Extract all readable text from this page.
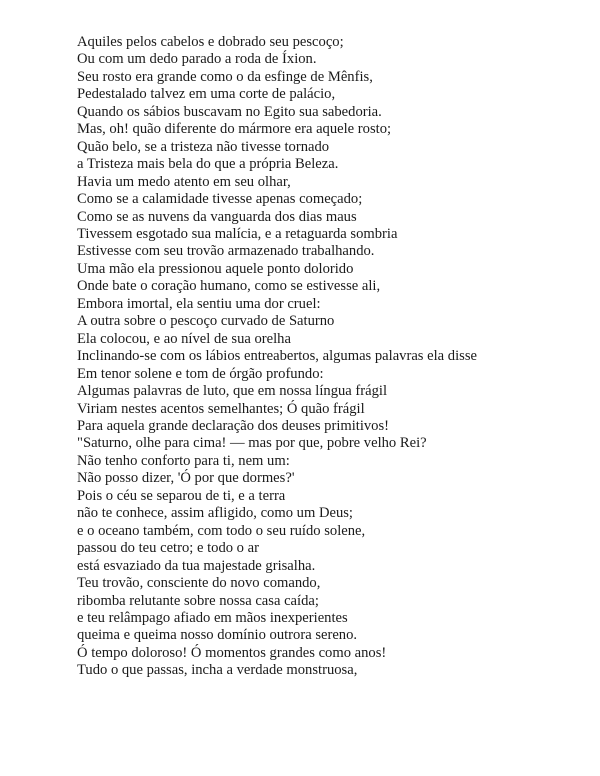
Aquiles pelos cabelos e dobrado seu pescoço;
Ou com um dedo parado a roda de Íxion.
Seu rosto era grande como o da esfinge de Mênfis,
Pedestalado talvez em uma corte de palácio,
Quando os sábios buscavam no Egito sua sabedoria.
Mas, oh! quão diferente do mármore era aquele rosto;
Quão belo, se a tristeza não tivesse tornado
a Tristeza mais bela do que a própria Beleza.
Havia um medo atento em seu olhar,
Como se a calamidade tivesse apenas começado;
Como se as nuvens da vanguarda dos dias maus
Tivessem esgotado sua malícia, e a retaguarda sombria
Estivesse com seu trovão armazenado trabalhando.
Uma mão ela pressionou aquele ponto dolorido
Onde bate o coração humano, como se estivesse ali,
Embora imortal, ela sentiu uma dor cruel:
A outra sobre o pescoço curvado de Saturno
Ela colocou, e ao nível de sua orelha
Inclinando-se com os lábios entreabertos, algumas palavras ela disse
Em tenor solene e tom de órgão profundo:
Algumas palavras de luto, que em nossa língua frágil
Viriam nestes acentos semelhantes; Ó quão frágil
Para aquela grande declaração dos deuses primitivos!
"Saturno, olhe para cima! — mas por que, pobre velho Rei?
Não tenho conforto para ti, nem um:
Não posso dizer, 'Ó por que dormes?'
Pois o céu se separou de ti, e a terra
não te conhece, assim afligido, como um Deus;
e o oceano também, com todo o seu ruído solene,
passou do teu cetro; e todo o ar
está esvaziado da tua majestade grisalha.
Teu trovão, consciente do novo comando,
ribomba relutante sobre nossa casa caída;
e teu relâmpago afiado em mãos inexperientes
queima e queima nosso domínio outrora sereno.
Ó tempo doloroso! Ó momentos grandes como anos!
Tudo o que passas, incha a verdade monstruosa,
